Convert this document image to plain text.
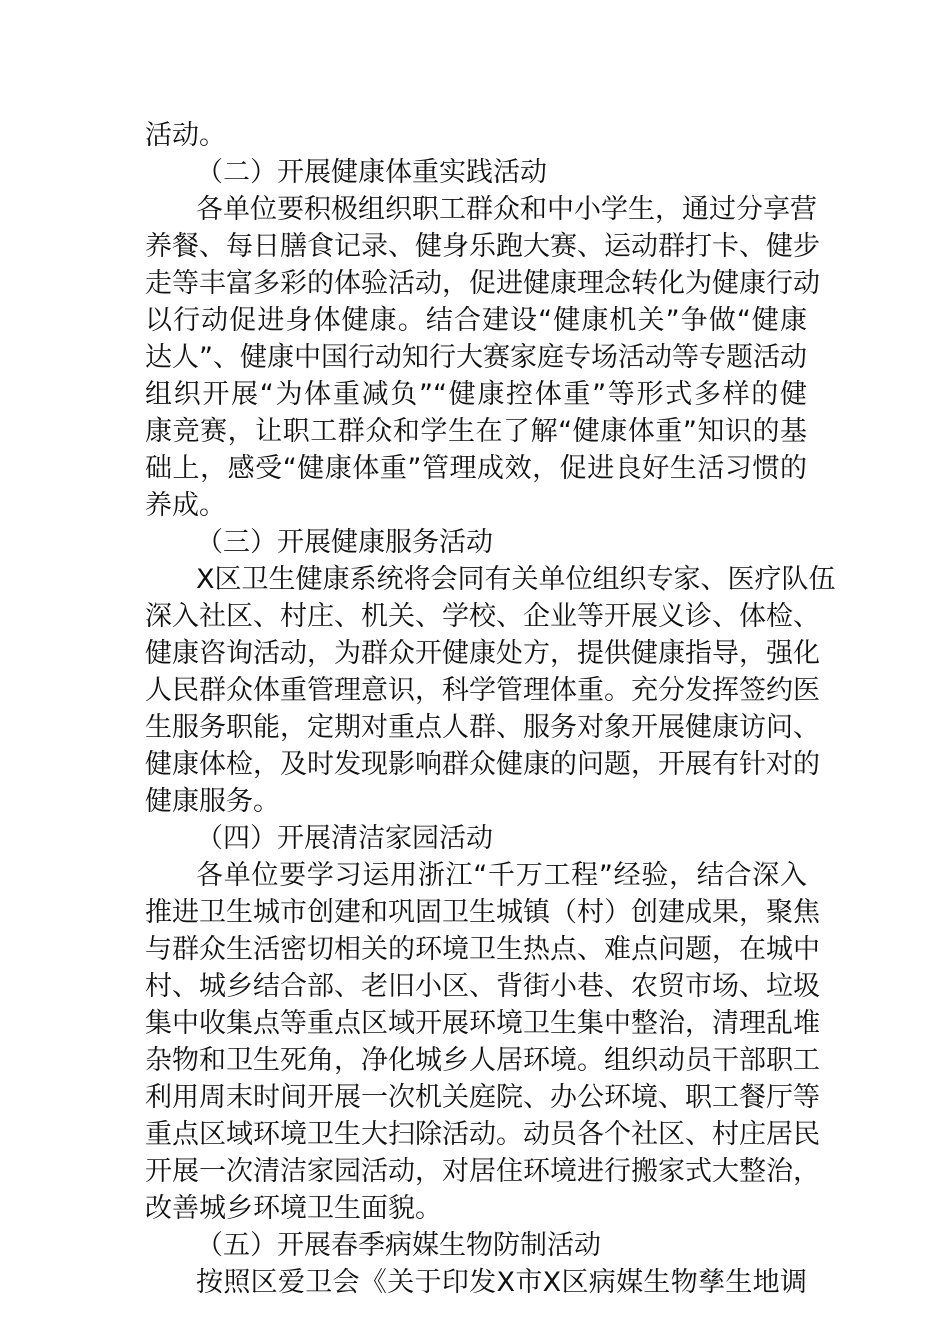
活动。
（二）开展健康体重实践活动
各单位要积极组织职工群众和中小学生，通过分享营
养餐、每日膳食记录、健身乐跑大赛、运动群打卡、健步
走等丰富多彩的体验活动，促进健康理念转化为健康行动
以行动促进身体健康。结合建设“健康机关”争做“健康
达人”、健康中国行动知行大赛家庭专场活动等专题活动
组织开展“为体重减负”“健康控体重”等形式多样的健
康竞赛，让职工群众和学生在了解“健康体重”知识的基
础上，感受“健康体重”管理成效，促进良好生活习惯的
养成。
（三）开展健康服务活动
X区卫生健康系统将会同有关单位组织专家、医疗队伍
深入社区、村庄、机关、学校、企业等开展义诊、体检、
健康咨询活动，为群众开健康处方，提供健康指导，强化
人民群众体重管理意识，科学管理体重。充分发挥签约医
生服务职能，定期对重点人群、服务对象开展健康访问、
健康体检，及时发现影响群众健康的问题，开展有针对的
健康服务。
（四）开展清洁家园活动
各单位要学习运用浙江“千万工程”经验，结合深入
推进卫生城市创建和巩固卫生城镇（村）创建成果，聚焦
与群众生活密切相关的环境卫生热点、难点问题，在城中
村、城乡结合部、老旧小区、背街小巷、农贸市场、垃圾
集中收集点等重点区域开展环境卫生集中整治，清理乱堆
杂物和卫生死角，净化城乡人居环境。组织动员干部职工
利用周末时间开展一次机关庭院、办公环境、职工餐厅等
重点区域环境卫生大扫除活动。动员各个社区、村庄居民
开展一次清洁家园活动，对居住环境进行搬家式大整治，
改善城乡环境卫生面貌。
（五）开展春季病媒生物防制活动
按照区爱卫会《关于印发X市X区病媒生物孳生地调
